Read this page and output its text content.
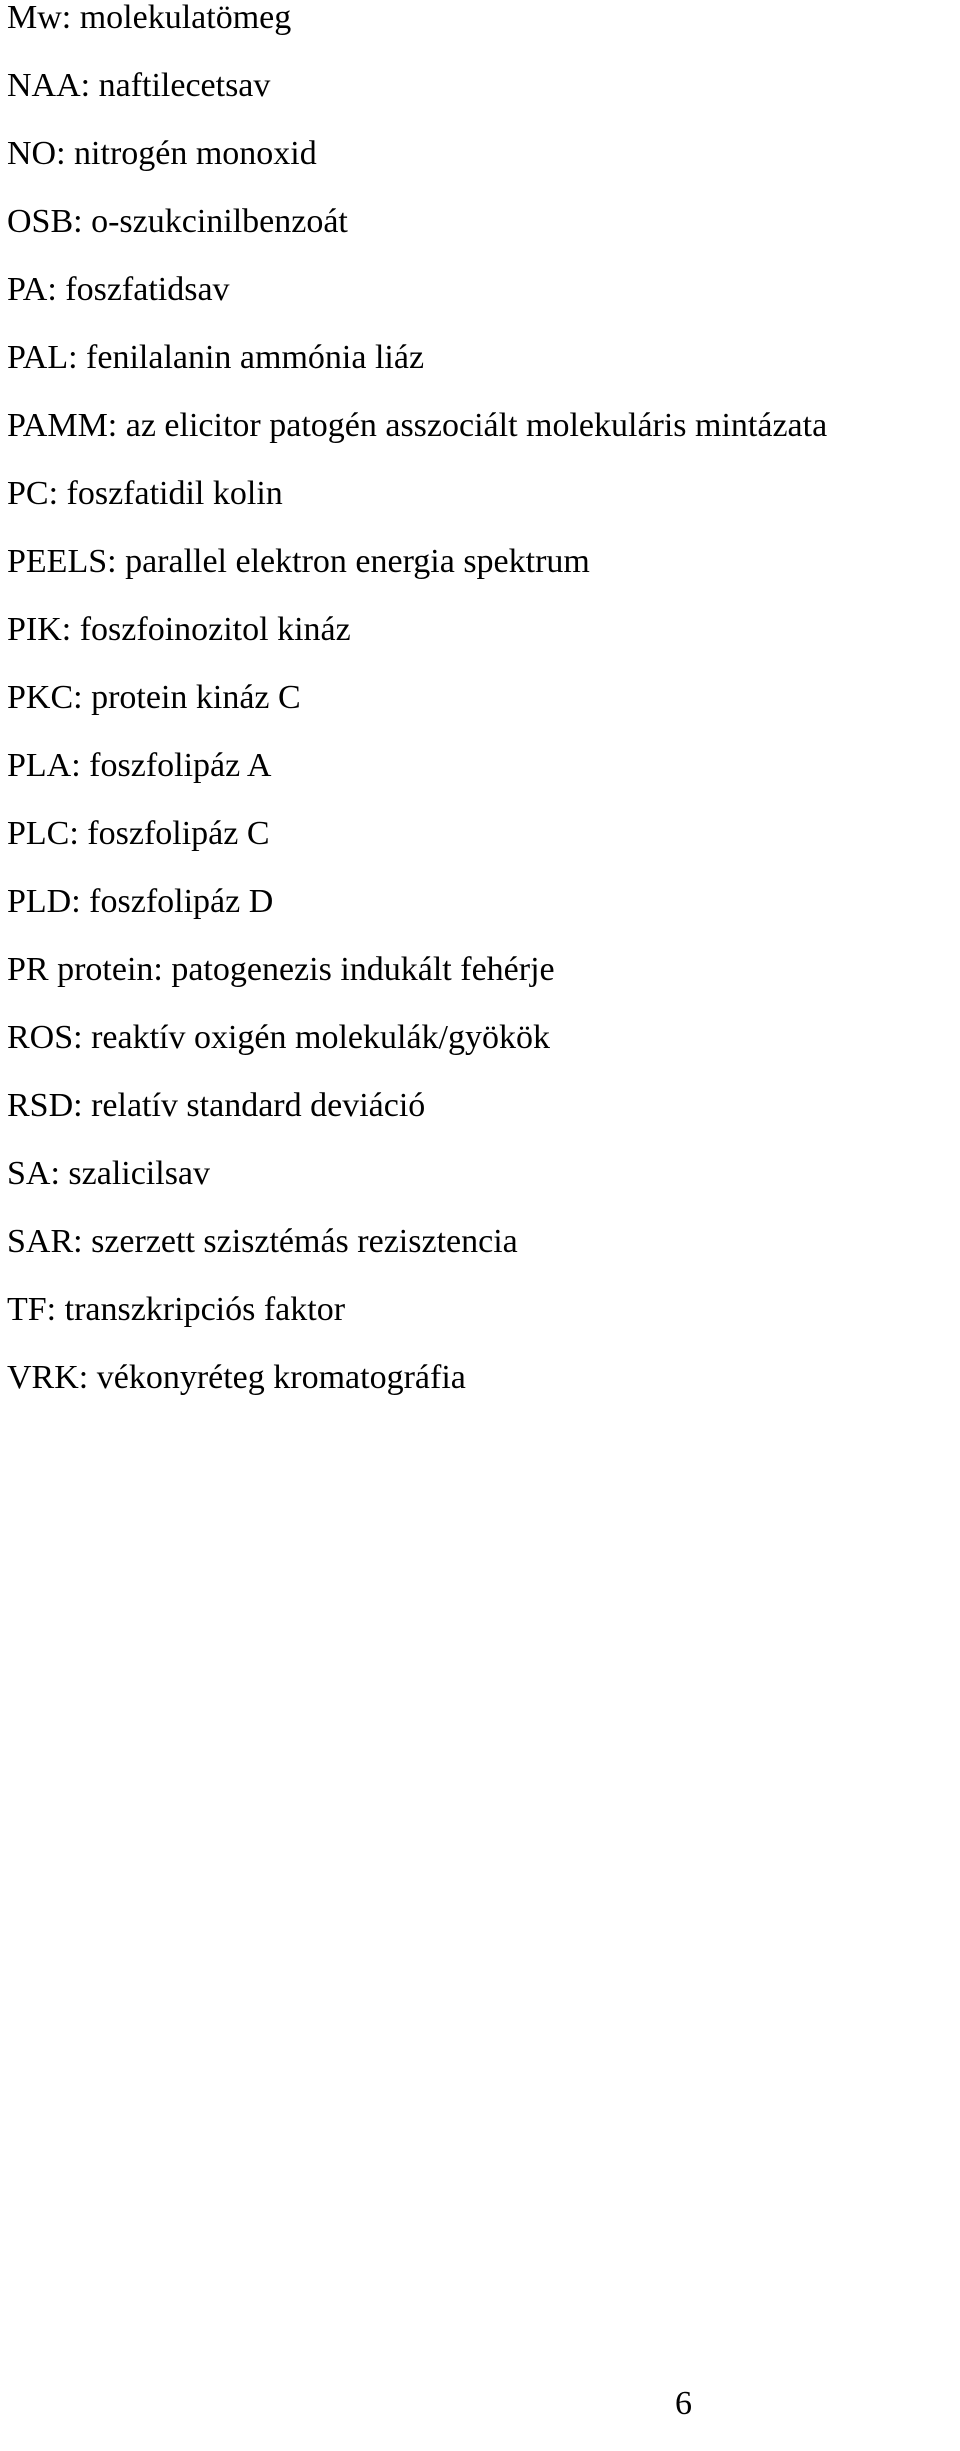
Mw: molekulatömeg
NAA: naftilecetsav
NO: nitrogén monoxid
OSB: o-szukcinilbenzoát
PA: foszfatidsav
PAL: fenilalanin ammónia liáz
PAMM: az elicitor patogén asszociált molekuláris mintázata
PC: foszfatidil kolin
PEELS: parallel elektron energia spektrum
PIK: foszfoinozitol kináz
PKC: protein kináz C
PLA: foszfolipáz A
PLC: foszfolipáz C
PLD: foszfolipáz D
PR protein: patogenezis indukált fehérje
ROS: reaktív oxigén molekulák/gyökök
RSD: relatív standard deviáció
SA: szalicilsav
SAR: szerzett szisztémás rezisztencia
TF: transzkripciós faktor
VRK: vékonyréteg kromatográfia
6
